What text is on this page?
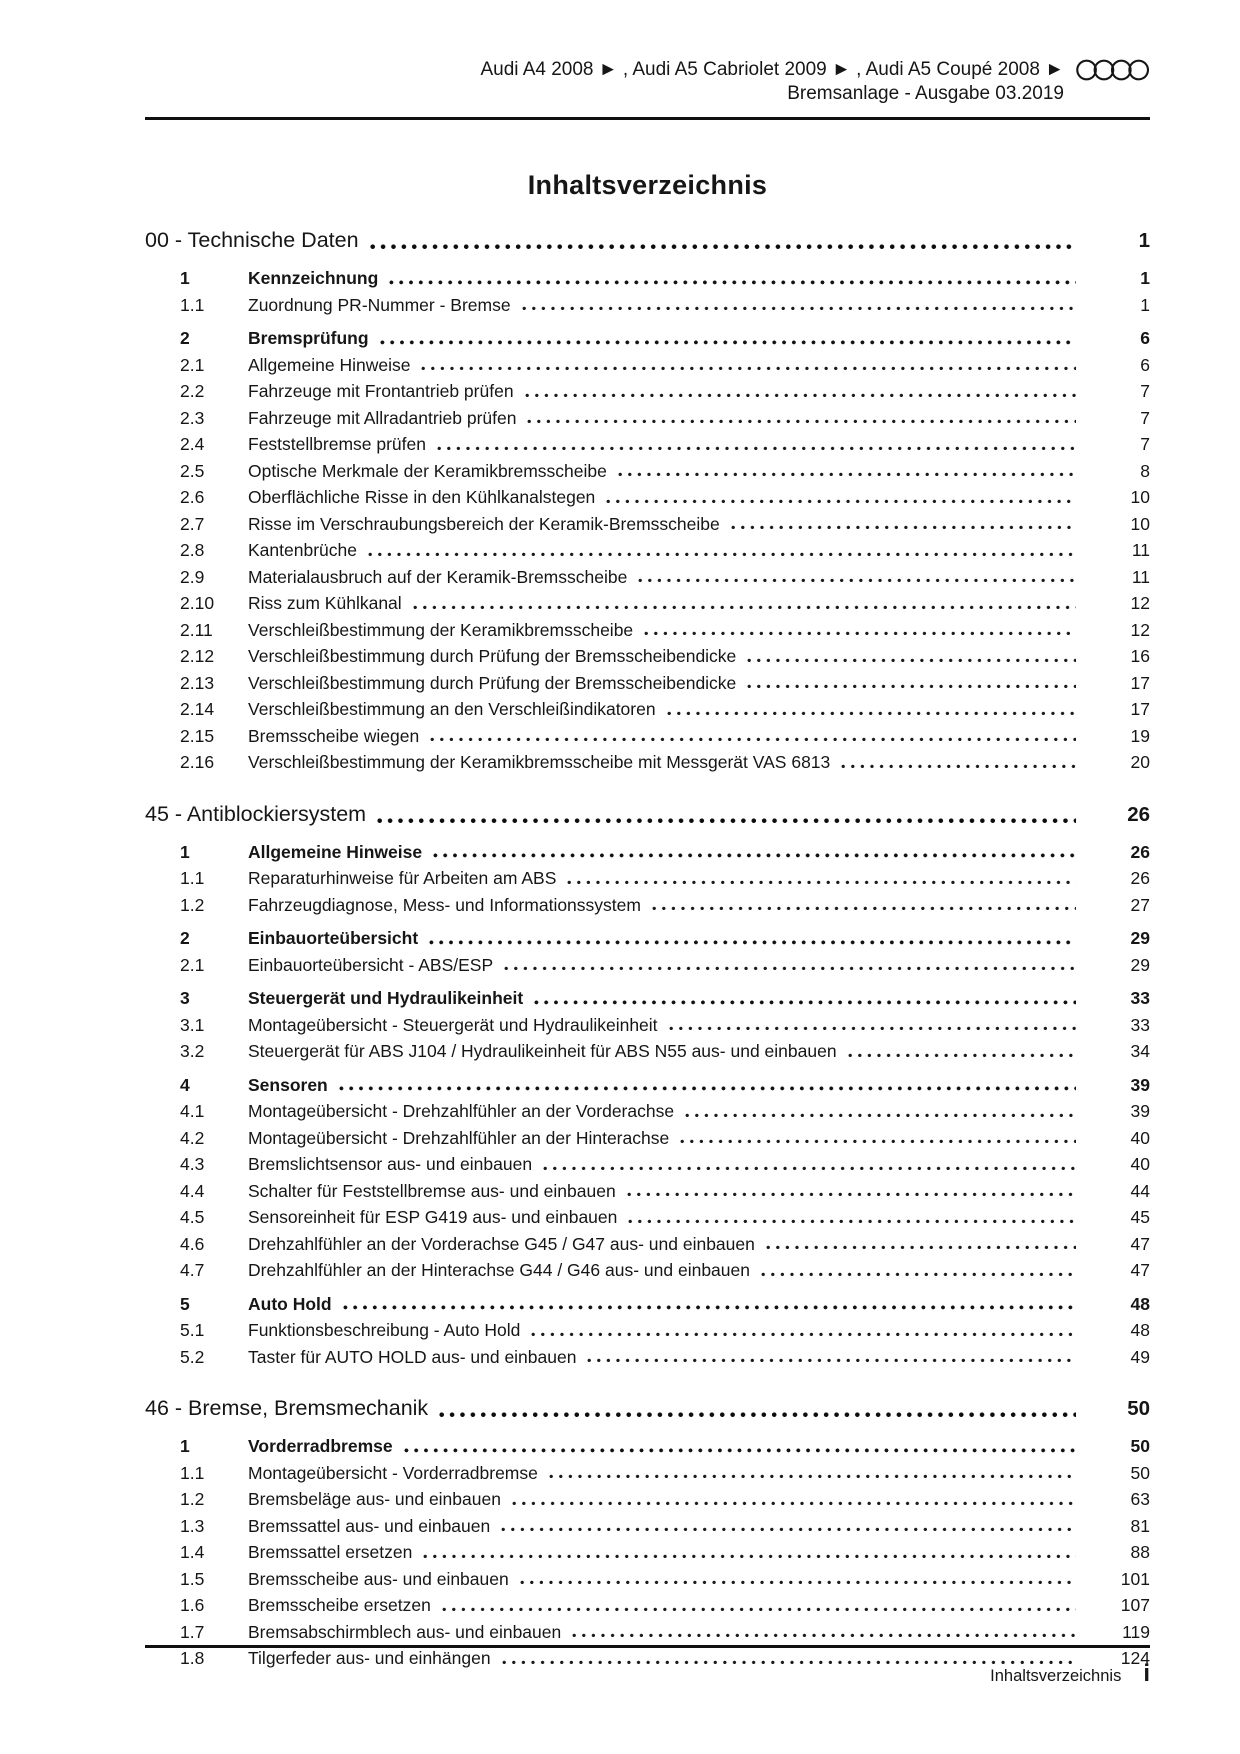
Audi A4 2008 ► , Audi A5 Cabriolet 2009 ► , Audi A5 Coupé 2008 ►
Bremsanlage - Ausgabe 03.2019
Inhaltsverzeichnis
00 - Technische Daten	1
1	Kennzeichnung	1
1.1	Zuordnung PR-Nummer - Bremse	1
2	Bremsprüfung	6
2.1	Allgemeine Hinweise	6
2.2	Fahrzeuge mit Frontantrieb prüfen	7
2.3	Fahrzeuge mit Allradantrieb prüfen	7
2.4	Feststellbremse prüfen	7
2.5	Optische Merkmale der Keramikbremsscheibe	8
2.6	Oberflächliche Risse in den Kühlkanalstegen	10
2.7	Risse im Verschraubungsbereich der Keramik-Bremsscheibe	10
2.8	Kantenbrüche	11
2.9	Materialausbruch auf der Keramik-Bremsscheibe	11
2.10	Riss zum Kühlkanal	12
2.11	Verschleißbestimmung der Keramikbremsscheibe	12
2.12	Verschleißbestimmung durch Prüfung der Bremsscheibendicke	16
2.13	Verschleißbestimmung durch Prüfung der Bremsscheibendicke	17
2.14	Verschleißbestimmung an den Verschleißindikatoren	17
2.15	Bremsscheibe wiegen	19
2.16	Verschleißbestimmung der Keramikbremsscheibe mit Messgerät VAS 6813	20
45 - Antiblockiersystem	26
1	Allgemeine Hinweise	26
1.1	Reparaturhinweise für Arbeiten am ABS	26
1.2	Fahrzeugdiagnose, Mess- und Informationssystem	27
2	Einbauorteübersicht	29
2.1	Einbauorteübersicht - ABS/ESP	29
3	Steuergerät und Hydraulikeinheit	33
3.1	Montageübersicht - Steuergerät und Hydraulikeinheit	33
3.2	Steuergerät für ABS J104 / Hydraulikeinheit für ABS N55 aus- und einbauen	34
4	Sensoren	39
4.1	Montageübersicht - Drehzahlfühler an der Vorderachse	39
4.2	Montageübersicht - Drehzahlfühler an der Hinterachse	40
4.3	Bremslichtsensor aus- und einbauen	40
4.4	Schalter für Feststellbremse aus- und einbauen	44
4.5	Sensoreinheit für ESP G419 aus- und einbauen	45
4.6	Drehzahlfühler an der Vorderachse G45 / G47 aus- und einbauen	47
4.7	Drehzahlfühler an der Hinterachse G44 / G46 aus- und einbauen	47
5	Auto Hold	48
5.1	Funktionsbeschreibung - Auto Hold	48
5.2	Taster für AUTO HOLD aus- und einbauen	49
46 - Bremse, Bremsmechanik	50
1	Vorderradbremse	50
1.1	Montageübersicht - Vorderradbremse	50
1.2	Bremsbeläge aus- und einbauen	63
1.3	Bremssattel aus- und einbauen	81
1.4	Bremssattel ersetzen	88
1.5	Bremsscheibe aus- und einbauen	101
1.6	Bremsscheibe ersetzen	107
1.7	Bremsabschirmblech aus- und einbauen	119
1.8	Tilgerfeder aus- und einhängen	124
Inhaltsverzeichnis i
